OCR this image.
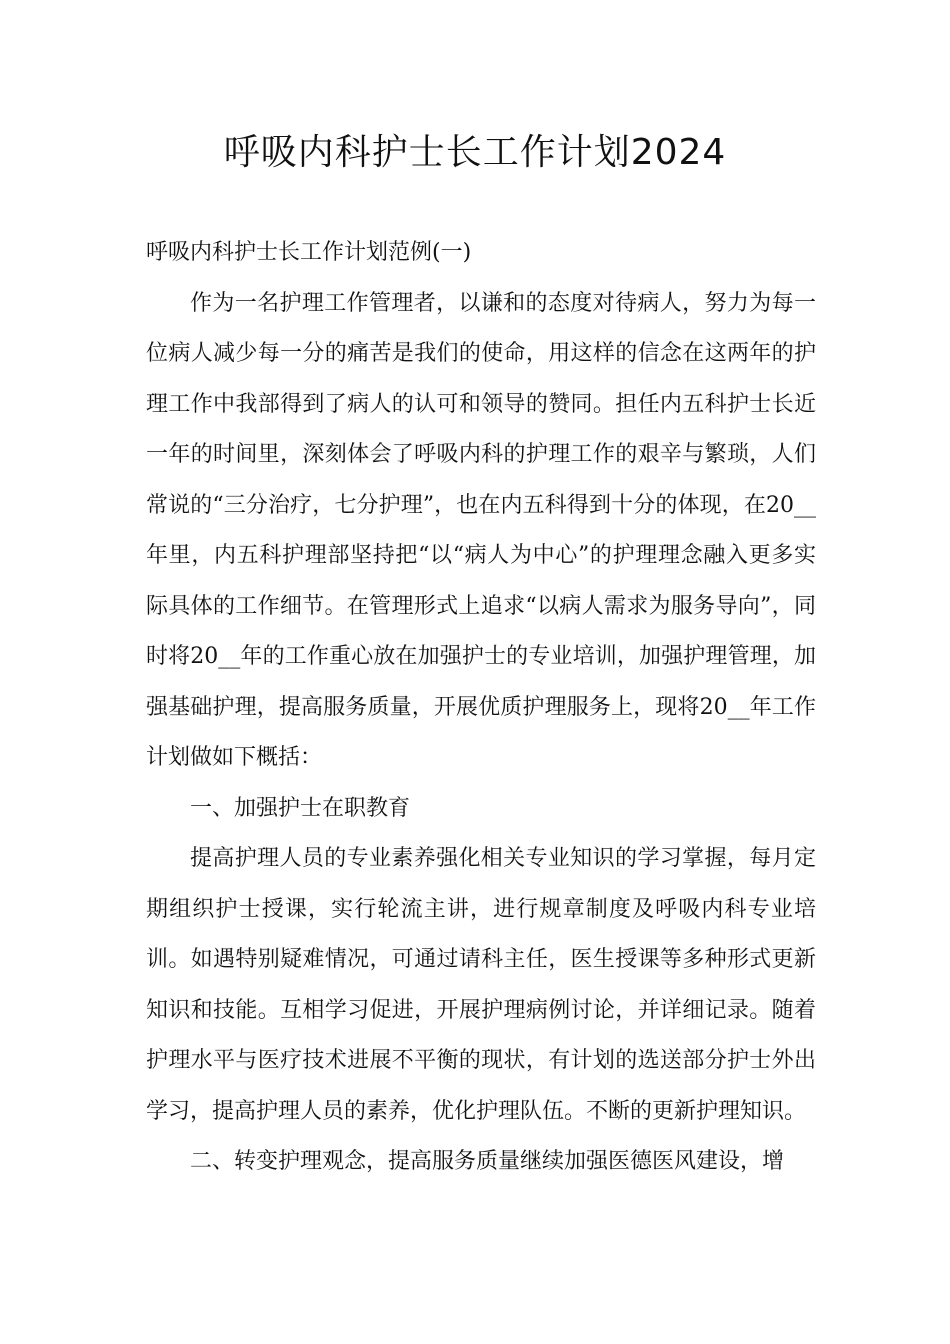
呼吸内科护士长工作计划2024

呼吸内科护士长工作计划范例(一)

作为一名护理工作管理者，以谦和的态度对待病人，努力为每一位病人减少每一分的痛苦是我们的使命，用这样的信念在这两年的护理工作中我部得到了病人的认可和领导的赞同。担任内五科护士长近一年的时间里，深刻体会了呼吸内科的护理工作的艰辛与繁琐，人们常说的“三分治疗，七分护理”，也在内五科得到十分的体现，在20__年里，内五科护理部坚持把“以“病人为中心”的护理理念融入更多实际具体的工作细节。在管理形式上追求“以病人需求为服务导向”，同时将20__年的工作重心放在加强护士的专业培训，加强护理管理，加强基础护理，提高服务质量，开展优质护理服务上，现将20__年工作计划做如下概括：

一、加强护士在职教育

提高护理人员的专业素养强化相关专业知识的学习掌握，每月定期组织护士授课，实行轮流主讲，进行规章制度及呼吸内科专业培训。如遇特别疑难情况，可通过请科主任，医生授课等多种形式更新知识和技能。互相学习促进，开展护理病例讨论，并详细记录。随着护理水平与医疗技术进展不平衡的现状，有计划的选送部分护士外出学习，提高护理人员的素养，优化护理队伍。不断的更新护理知识。

二、转变护理观念，提高服务质量继续加强医德医风建设，增
